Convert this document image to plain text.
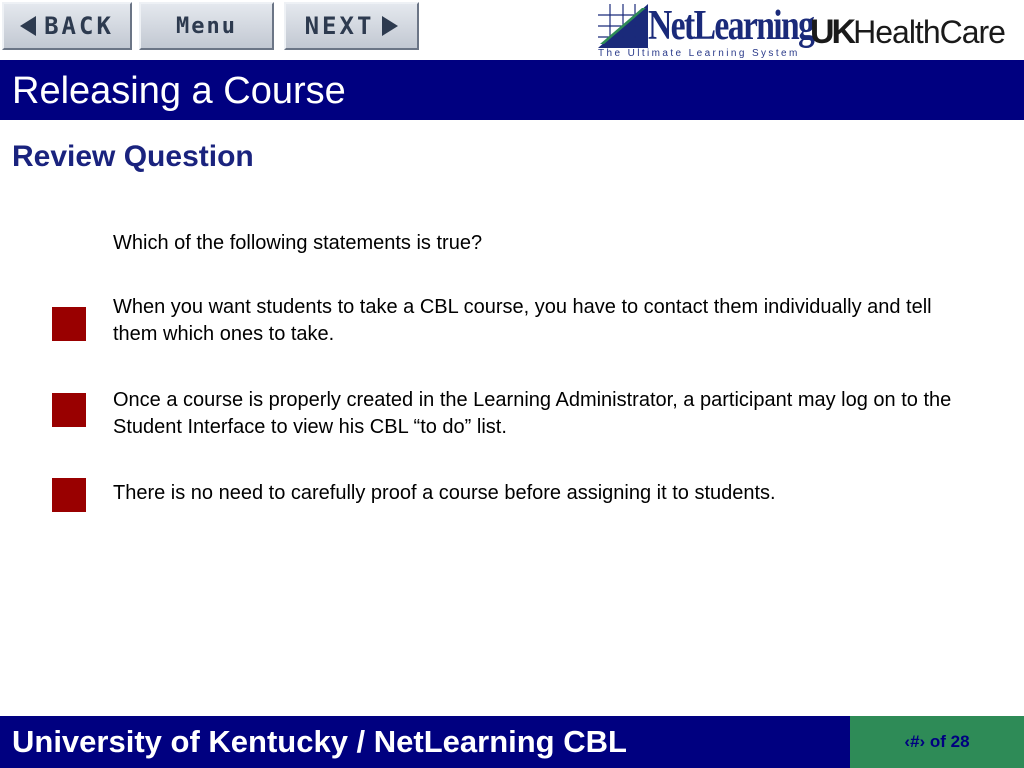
BACK	Menu	NEXT	NetLearning
The Ultimate Learning System
UK HealthCare
Releasing a Course
Review Question
Which of the following statements is true?
When you want students to take a CBL course, you have to contact them individually and tell them which ones to take.
Once a course is properly created in the Learning Administrator, a participant may log on to the Student Interface to view his CBL “to do” list.
There is no need to carefully proof a course before assigning it to students.
University of Kentucky / NetLearning CBL	‹#› of 28
